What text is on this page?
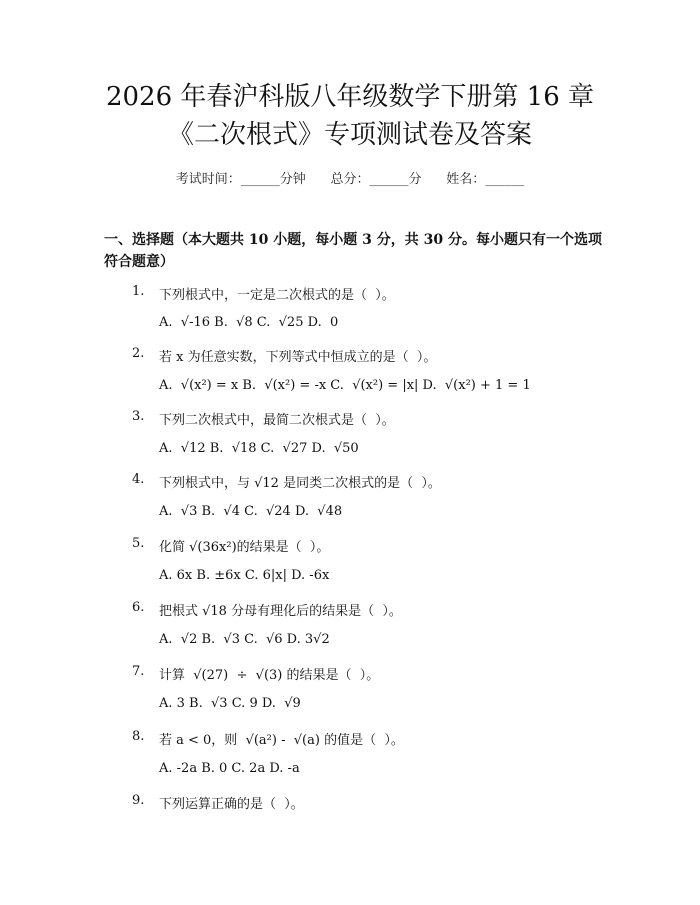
2026 年春沪科版八年级数学下册第 16 章
《二次根式》专项测试卷及答案
考试时间：______分钟      总分：______分      姓名：______
一、选择题（本大题共 10 小题，每小题 3 分，共 30 分。每小题只有一个选项符合题意）
1. 下列根式中，一定是二次根式的是（  ）。
A.  √-16 B.  √8 C.  √25 D.  0
2. 若 x 为任意实数，下列等式中恒成立的是（  ）。
A.  √(x²) = x B.  √(x²) = -x C.  √(x²) = |x| D.  √(x²) + 1 = 1
3. 下列二次根式中，最简二次根式是（  ）。
A.  √12 B.  √18 C.  √27 D.  √50
4. 下列根式中，与 √12 是同类二次根式的是（  ）。
A.  √3 B.  √4 C.  √24 D.  √48
5. 化简 √(36x²)的结果是（  ）。
A. 6x B. ±6x C. 6|x| D. -6x
6. 把根式 √18 分母有理化后的结果是（  ）。
A.  √2 B.  √3 C.  √6 D. 3√2
7. 计算  √(27)  ÷  √(3) 的结果是（  ）。
A. 3 B.  √3 C. 9 D.  √9
8. 若 a < 0，则  √(a²) -  √(a) 的值是（  ）。
A. -2a B. 0 C. 2a D. -a
9. 下列运算正确的是（  ）。
